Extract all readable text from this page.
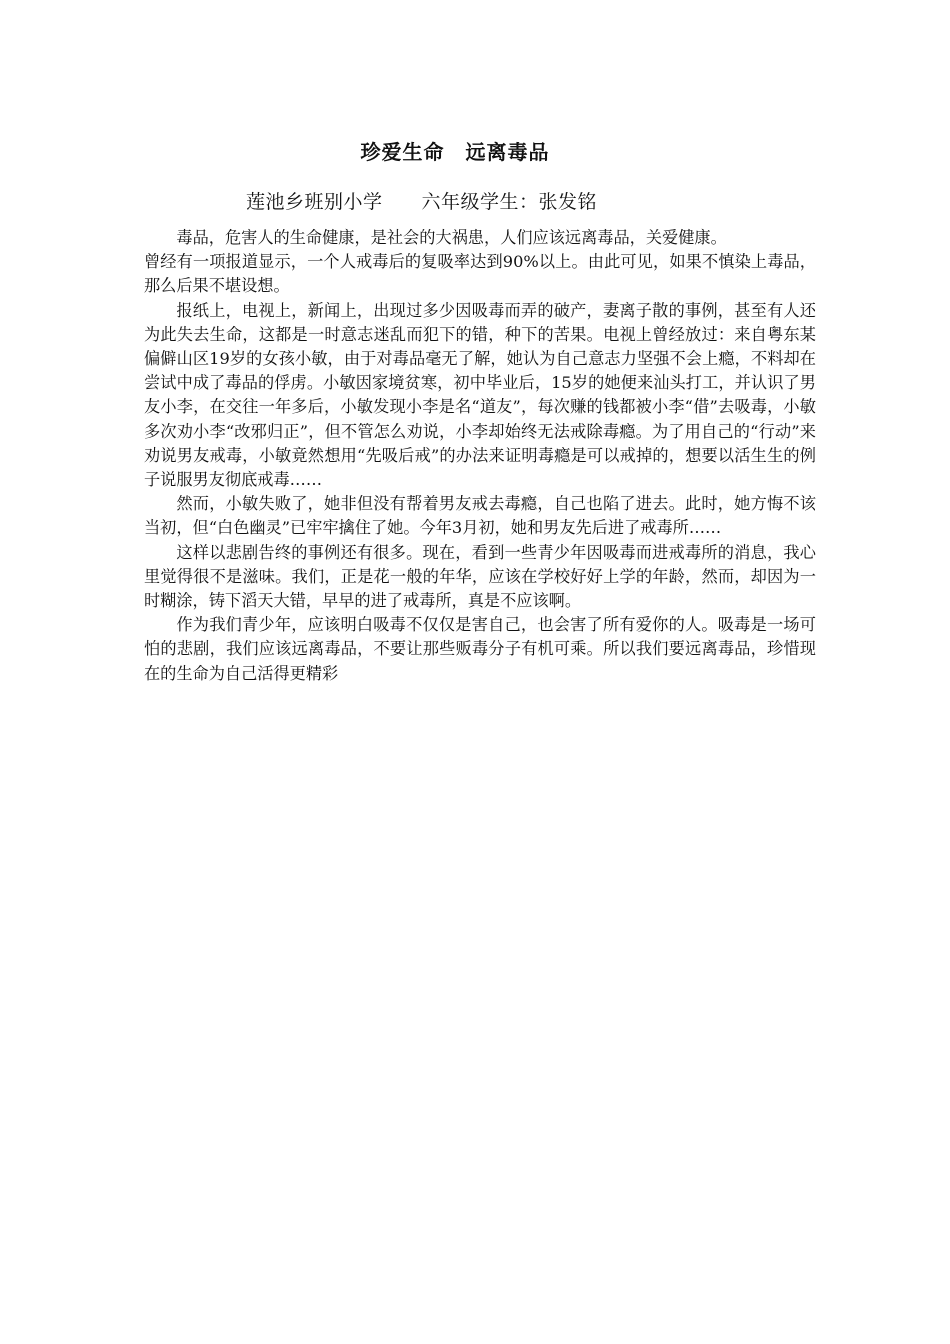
珍爱生命　远离毒品
莲池乡班别小学　　六年级学生：张发铭

毒品，危害人的生命健康，是社会的大祸患，人们应该远离毒品，关爱健康。

曾经有一项报道显示，一个人戒毒后的复吸率达到90%以上。由此可见，如果不慎染上毒品，那么后果不堪设想。

报纸上，电视上，新闻上，出现过多少因吸毒而弄的破产，妻离子散的事例，甚至有人还为此失去生命，这都是一时意志迷乱而犯下的错，种下的苦果。电视上曾经放过：来自粤东某偏僻山区19岁的女孩小敏，由于对毒品毫无了解，她认为自己意志力坚强不会上瘾，不料却在尝试中成了毒品的俘虏。小敏因家境贫寒，初中毕业后，15岁的她便来汕头打工，并认识了男友小李，在交往一年多后，小敏发现小李是名“道友”，每次赚的钱都被小李“借”去吸毒，小敏多次劝小李“改邪归正”，但不管怎么劝说，小李却始终无法戒除毒瘾。为了用自己的“行动”来劝说男友戒毒，小敏竟然想用“先吸后戒”的办法来证明毒瘾是可以戒掉的，想要以活生生的例子说服男友彻底戒毒……

然而，小敏失败了，她非但没有帮着男友戒去毒瘾，自己也陷了进去。此时，她方悔不该当初，但“白色幽灵”已牢牢擒住了她。今年3月初，她和男友先后进了戒毒所……

这样以悲剧告终的事例还有很多。现在，看到一些青少年因吸毒而进戒毒所的消息，我心里觉得很不是滋味。我们，正是花一般的年华，应该在学校好好上学的年龄，然而，却因为一时糊涂，铸下滔天大错，早早的进了戒毒所，真是不应该啊。

作为我们青少年，应该明白吸毒不仅仅是害自己，也会害了所有爱你的人。吸毒是一场可怕的悲剧，我们应该远离毒品，不要让那些贩毒分子有机可乘。所以我们要远离毒品，珍惜现在的生命为自己活得更精彩
